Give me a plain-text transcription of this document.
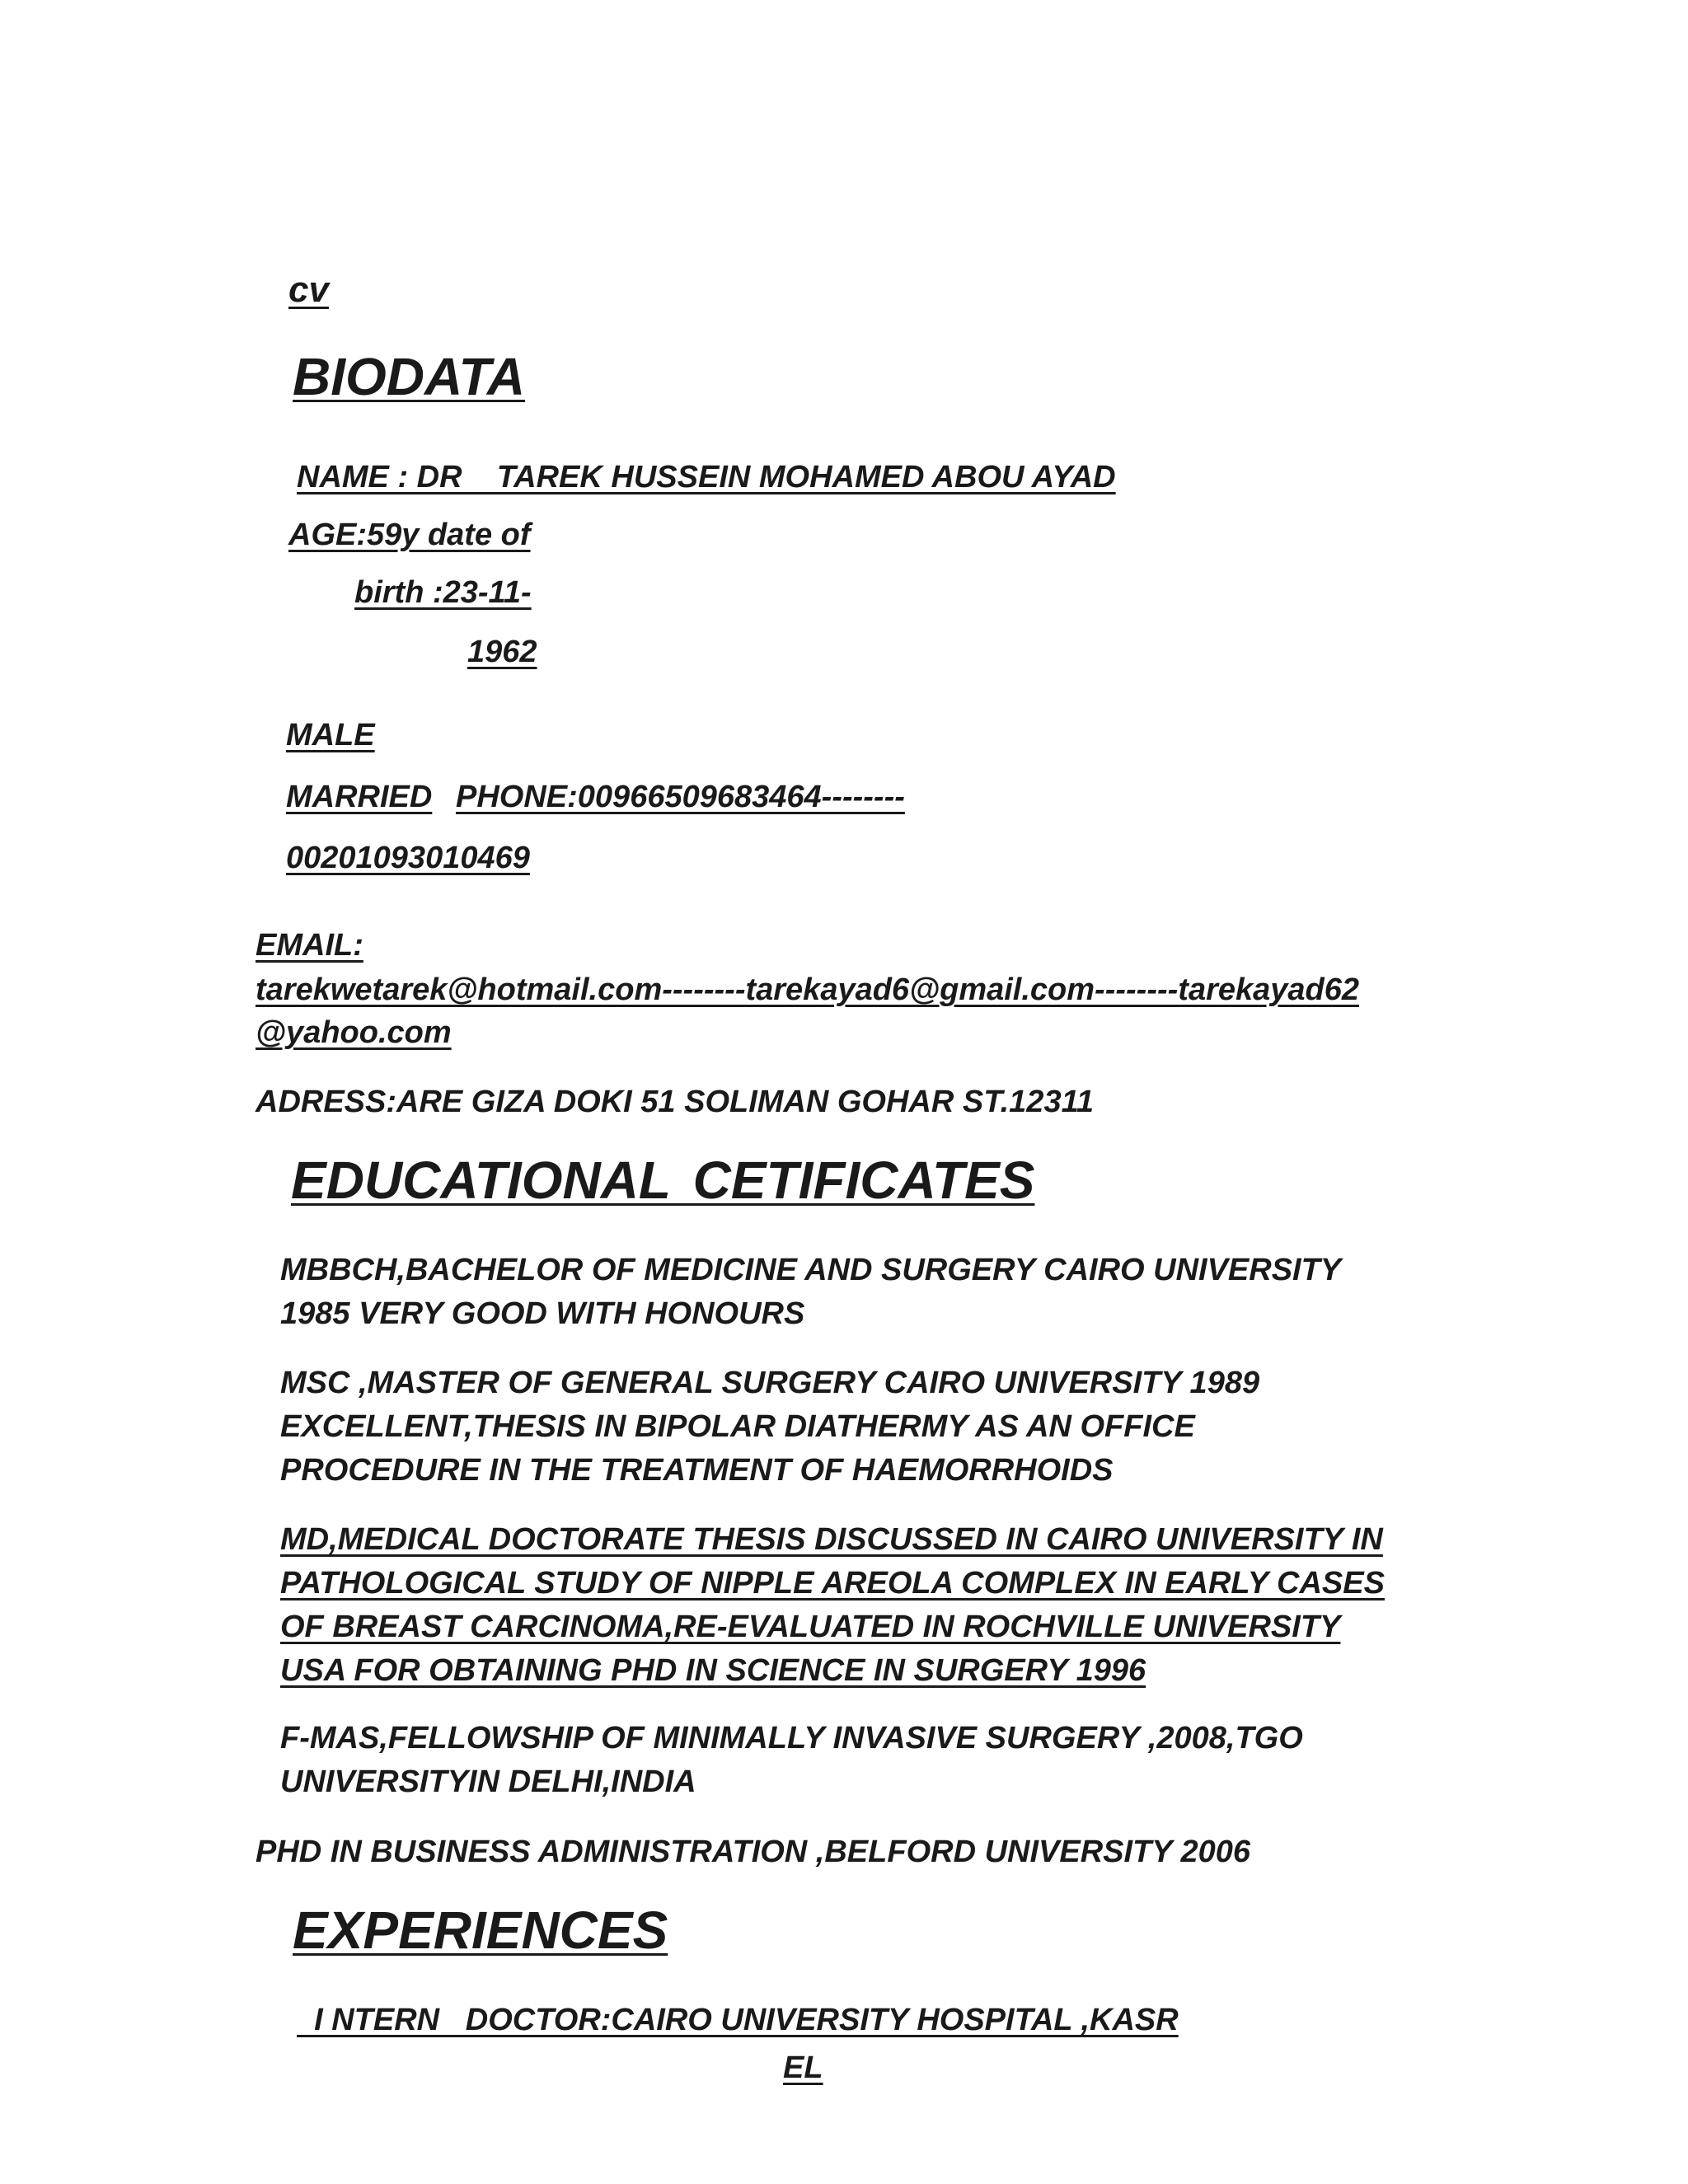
cv
BIODATA
NAME : DR    TAREK HUSSEIN MOHAMED ABOU AYAD
AGE:59y date of
birth :23-11-
1962
MALE
MARRIED PHONE:00966509683464--------
00201093010469
EMAIL:
tarekwetarek@hotmail.com--------tarekayad6@gmail.com--------tarekayad62
@yahoo.com
ADRESS:ARE GIZA DOKI 51 SOLIMAN GOHAR ST.12311
EDUCATIONAL CETIFICATES
MBBCH,BACHELOR OF MEDICINE AND SURGERY CAIRO UNIVERSITY
1985 VERY GOOD WITH HONOURS
MSC ,MASTER OF GENERAL SURGERY CAIRO UNIVERSITY 1989
EXCELLENT,THESIS IN BIPOLAR DIATHERMY AS AN OFFICE
PROCEDURE IN THE TREATMENT OF HAEMORRHOIDS
MD,MEDICAL DOCTORATE THESIS DISCUSSED IN CAIRO UNIVERSITY IN
PATHOLOGICAL STUDY OF NIPPLE AREOLA COMPLEX IN EARLY CASES
OF BREAST CARCINOMA,RE-EVALUATED IN ROCHVILLE UNIVERSITY
USA FOR OBTAINING PHD IN SCIENCE IN SURGERY 1996
F-MAS,FELLOWSHIP OF MINIMALLY INVASIVE SURGERY ,2008,TGO
UNIVERSITYIN DELHI,INDIA
PHD IN BUSINESS ADMINISTRATION ,BELFORD UNIVERSITY 2006
EXPERIENCES
I NTERN   DOCTOR:CAIRO UNIVERSITY HOSPITAL ,KASR
EL
